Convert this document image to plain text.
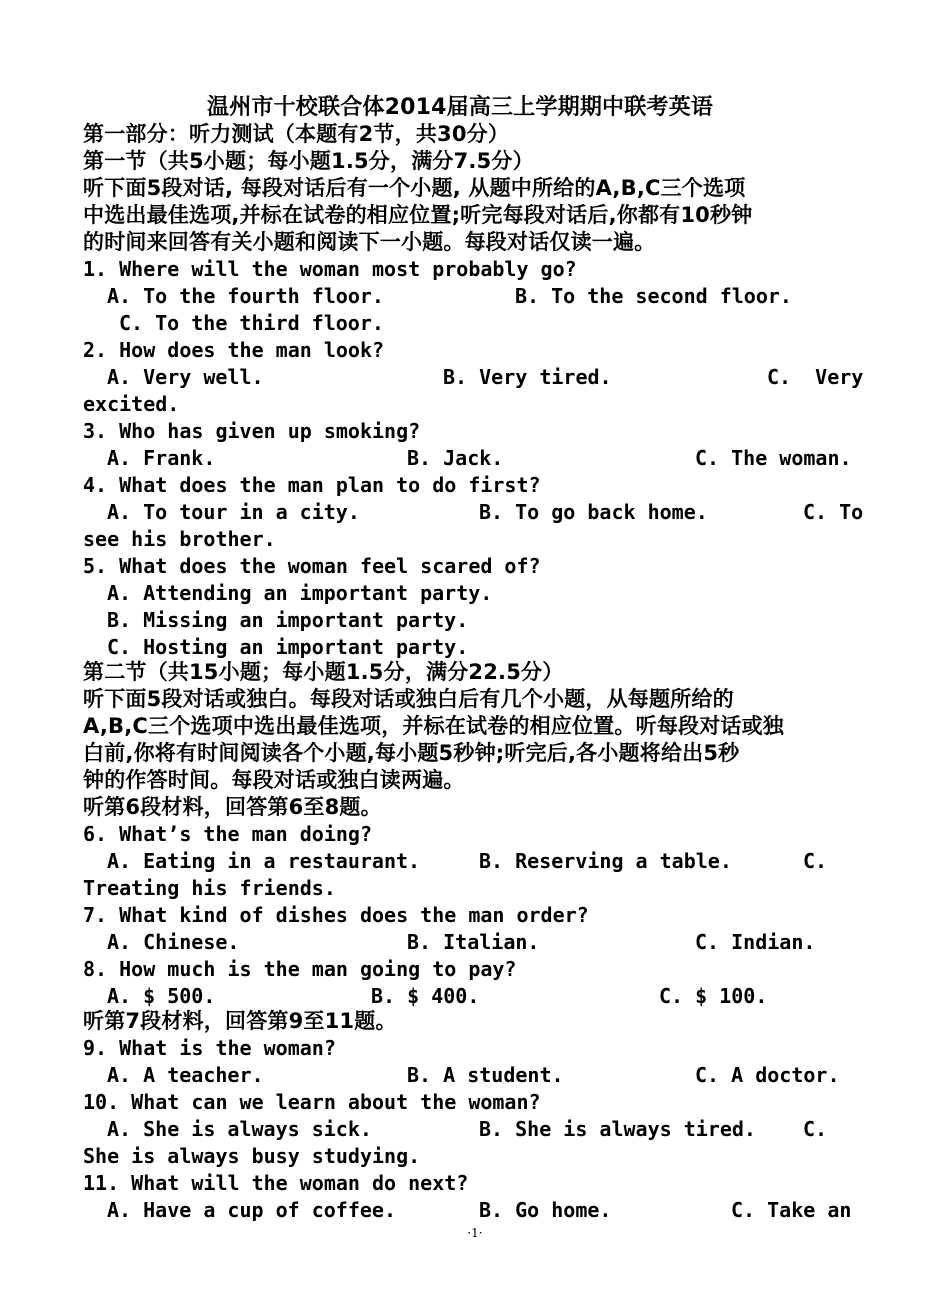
温州市十校联合体2014届高三上学期期中联考英语
第一部分：听力测试（本题有2节，共30分）
第一节（共5小题；每小题1.5分，满分7.5分）
听下面5段对话, 每段对话后有一个小题, 从题中所给的A,B,C三个选项
中选出最佳选项,并标在试卷的相应位置;听完每段对话后,你都有10秒钟
的时间来回答有关小题和阅读下一小题。每段对话仅读一遍。
1. Where will the woman most probably go?
A. To the fourth floor.	B. To the second floor.
C. To the third floor.
2. How does the man look?
A. Very well.	B. Very tired.	C.  Very
excited.
3. Who has given up smoking?
A. Frank.	B. Jack.	C. The woman.
4. What does the man plan to do first?
A. To tour in a city.	B. To go back home.	C. To
see his brother.
5. What does the woman feel scared of?
A. Attending an important party.
B. Missing an important party.
C. Hosting an important party.
第二节（共15小题；每小题1.5分，满分22.5分）
听下面5段对话或独白。每段对话或独白后有几个小题，从每题所给的
A,B,C三个选项中选出最佳选项，并标在试卷的相应位置。听每段对话或独
白前,你将有时间阅读各个小题,每小题5秒钟;听完后,各小题将给出5秒
钟的作答时间。每段对话或独白读两遍。
听第6段材料，回答第6至8题。
6. What’s the man doing?
A. Eating in a restaurant.	B. Reserving a table.	C.
Treating his friends.
7. What kind of dishes does the man order?
A. Chinese.	B. Italian.	C. Indian.
8. How much is the man going to pay?
A. $ 500.	B. $ 400.	C. $ 100.
听第7段材料，回答第9至11题。
9. What is the woman?
A. A teacher.	B. A student.	C. A doctor.
10. What can we learn about the woman?
A. She is always sick.	B. She is always tired. C.
She is always busy studying.
11. What will the woman do next?
A. Have a cup of coffee.	B. Go home.	C. Take an
·1·
